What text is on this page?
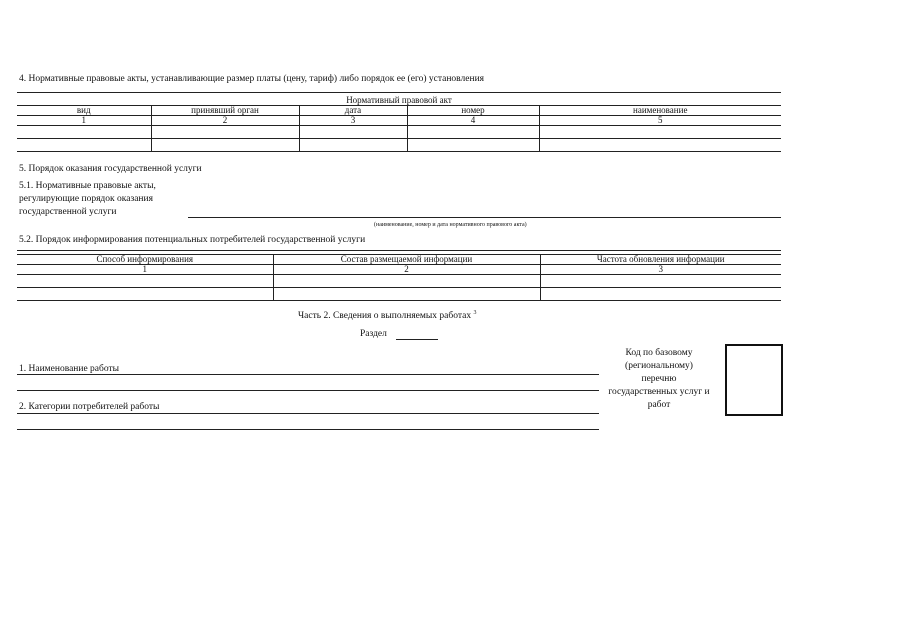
4. Нормативные правовые акты, устанавливающие размер платы (цену, тариф) либо порядок ее (его) установления
Нормативный правовой акт				
вид	принявший орган	дата	номер	наименование
1	2	3	4	5

5. Порядок оказания государственной услуги
5.1. Нормативные правовые акты,
регулирующие порядок оказания
государственной услуги
(наименование, номер и дата нормативного правового акта)
5.2. Порядок информирования потенциальных потребителей государственной услуги
Способ информирования	Состав размещаемой информации	Частота обновления информации
1	2	3

Часть 2. Сведения о выполняемых работах $^3$
Раздел
1. Наименование работы
2. Категории потребителей работы
Код по базовому
(региональному)
перечню
государственных услуг и
работ
